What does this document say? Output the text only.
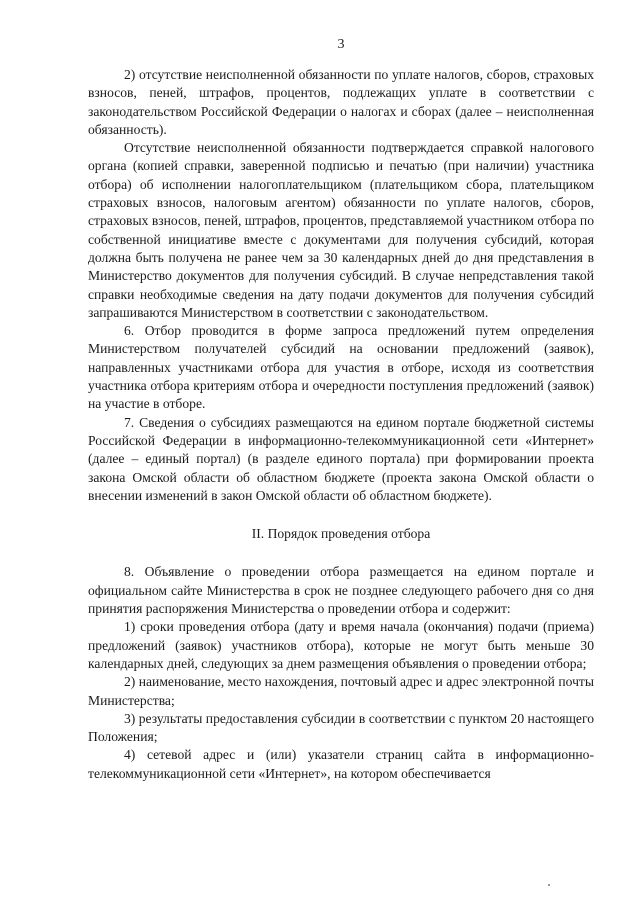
3

2) отсутствие неисполненной обязанности по уплате налогов, сборов, страховых взносов, пеней, штрафов, процентов, подлежащих уплате в соответствии с законодательством Российской Федерации о налогах и сборах (далее – неисполненная обязанность).

Отсутствие неисполненной обязанности подтверждается справкой налогового органа (копией справки, заверенной подписью и печатью (при наличии) участника отбора) об исполнении налогоплательщиком (плательщиком сбора, плательщиком страховых взносов, налоговым агентом) обязанности по уплате налогов, сборов, страховых взносов, пеней, штрафов, процентов, представляемой участником отбора по собственной инициативе вместе с документами для получения субсидий, которая должна быть получена не ранее чем за 30 календарных дней до дня представления в Министерство документов для получения субсидий. В случае непредставления такой справки необходимые сведения на дату подачи документов для получения субсидий запрашиваются Министерством в соответствии с законодательством.

6. Отбор проводится в форме запроса предложений путем определения Министерством получателей субсидий на основании предложений (заявок), направленных участниками отбора для участия в отборе, исходя из соответствия участника отбора критериям отбора и очередности поступления предложений (заявок) на участие в отборе.

7. Сведения о субсидиях размещаются на едином портале бюджетной системы Российской Федерации в информационно-телекоммуникационной сети «Интернет» (далее – единый портал) (в разделе единого портала) при формировании проекта закона Омской области об областном бюджете (проекта закона Омской области о внесении изменений в закон Омской области об областном бюджете).

II. Порядок проведения отбора

8. Объявление о проведении отбора размещается на едином портале и официальном сайте Министерства в срок не позднее следующего рабочего дня со дня принятия распоряжения Министерства о проведении отбора и содержит:

1) сроки проведения отбора (дату и время начала (окончания) подачи (приема) предложений (заявок) участников отбора), которые не могут быть меньше 30 календарных дней, следующих за днем размещения объявления о проведении отбора;

2) наименование, место нахождения, почтовый адрес и адрес электронной почты Министерства;

3) результаты предоставления субсидии в соответствии с пунктом 20 настоящего Положения;

4) сетевой адрес и (или) указатели страниц сайта в информационно-телекоммуникационной сети «Интернет», на котором обеспечивается
